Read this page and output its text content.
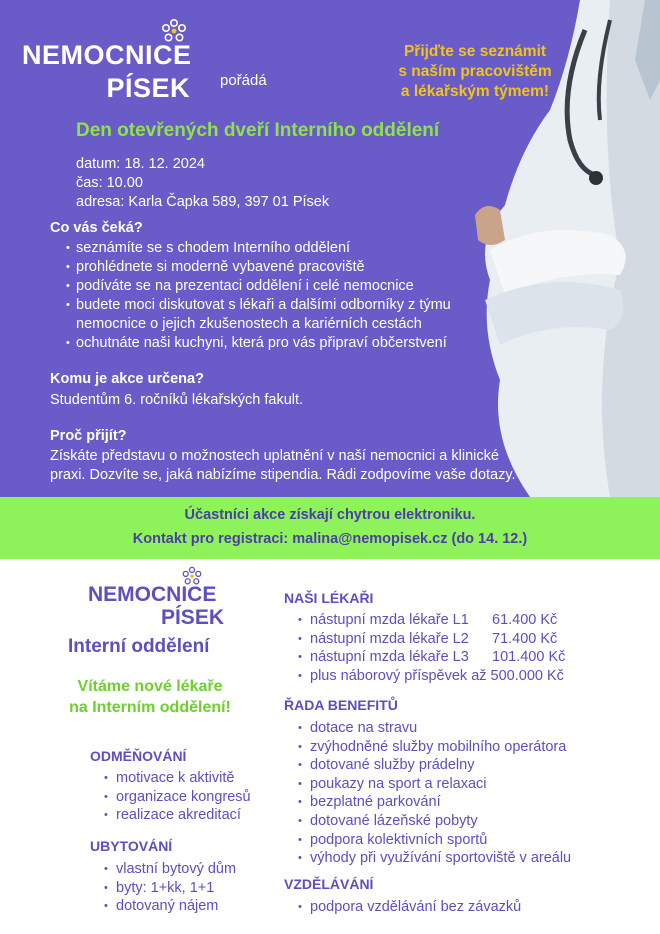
NEMOCNICE
PÍSEK pořádá
Přijďte se seznámit
s naším pracovištěm
a lékařským týmem!
Den otevřených dveří Interního oddělení
datum: 18. 12. 2024
čas: 10.00
adresa: Karla Čapka 589, 397 01 Písek
Co vás čeká?
• seznámíte se s chodem Interního oddělení
• prohlédnete si moderně vybavené pracoviště
• podíváte se na prezentaci oddělení i celé nemocnice
• budete moci diskutovat s lékaři a dalšími odborníky z týmu nemocnice o jejich zkušenostech a kariérních cestách
• ochutnáte naši kuchyni, která pro vás připraví občerstvení
Komu je akce určena?
Studentům 6. ročníků lékařských fakult.
Proč přijít?
Získáte představu o možnostech uplatnění v naší nemocnici a klinické
praxi. Dozvíte se, jaká nabízíme stipendia. Rádi zodpovíme vaše dotazy.
Účastníci akce získají chytrou elektroniku.
Kontakt pro registraci: malina@nemopisek.cz (do 14. 12.)
NEMOCNICE
PÍSEK
Interní oddělení
Vítáme nové lékaře
na Interním oddělení!
ODMĚŇOVÁNÍ
• motivace k aktivitě
• organizace kongresů
• realizace akreditací
UBYTOVÁNÍ
• vlastní bytový dům
• byty: 1+kk, 1+1
• dotovaný nájem
NAŠI LÉKAŘI
• nástupní mzda lékaře L1 61.400 Kč
• nástupní mzda lékaře L2 71.400 Kč
• nástupní mzda lékaře L3 101.400 Kč
• plus náborový příspěvek až 500.000 Kč
ŘADA BENEFITŮ
• dotace na stravu
• zvýhodněné služby mobilního operátora
• dotované služby prádelny
• poukazy na sport a relaxaci
• bezplatné parkování
• dotované lázeňské pobyty
• podpora kolektivních sportů
• výhody při využívání sportoviště v areálu
VZDĚLÁVÁNÍ
• podpora vzdělávání bez závazků
